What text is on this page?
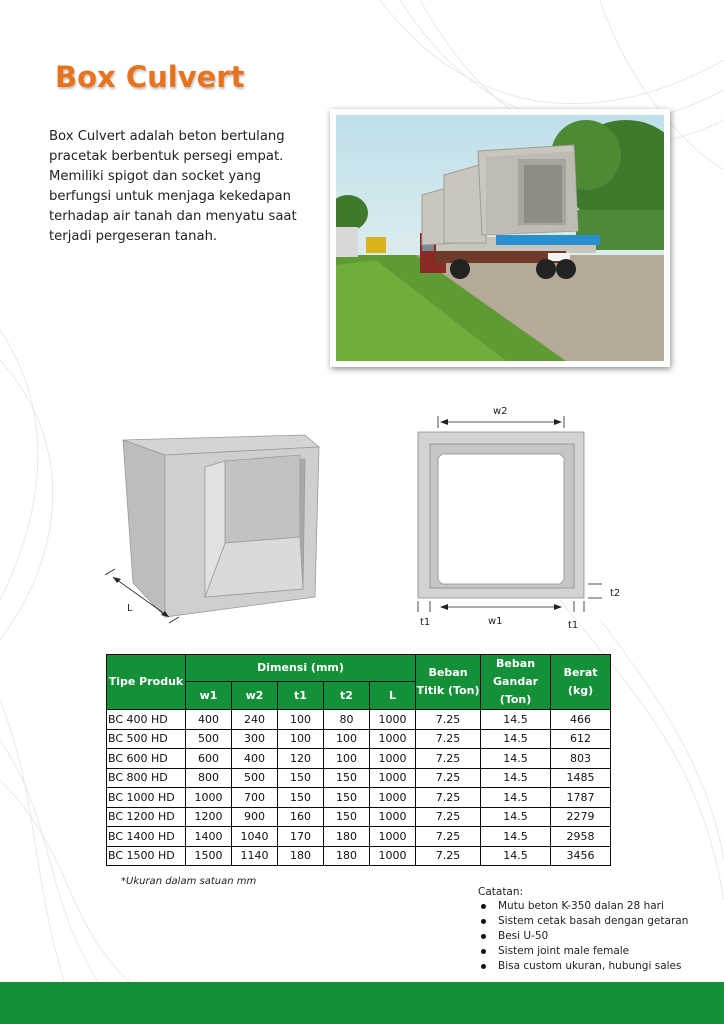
Box Culvert

Box Culvert adalah beton bertulang pracetak berbentuk persegi empat. Memiliki spigot dan socket yang berfungsi untuk menjaga kekedapan terhadap air tanah dan menyatu saat terjadi pergeseran tanah.

L
w2
w1
t1	t1
t2
Tipe Produk	Dimensi (mm)					Beban Titik (Ton)	Beban Gandar (Ton)	Berat (kg)
	w1	w2	t1	t2	L			
BC 400 HD	400	240	100	80	1000	7.25	14.5	466
BC 500 HD	500	300	100	100	1000	7.25	14.5	612
BC 600 HD	600	400	120	100	1000	7.25	14.5	803
BC 800 HD	800	500	150	150	1000	7.25	14.5	1485
BC 1000 HD	1000	700	150	150	1000	7.25	14.5	1787
BC 1200 HD	1200	900	160	150	1000	7.25	14.5	2279
BC 1400 HD	1400	1040	170	180	1000	7.25	14.5	2958
BC 1500 HD	1500	1140	180	180	1000	7.25	14.5	3456

*Ukuran dalam satuan mm

Catatan:

Mutu beton K-350 dalan 28 hari
Sistem cetak basah dengan getaran
Besi U-50
Sistem joint male female
Bisa custom ukuran, hubungi sales
